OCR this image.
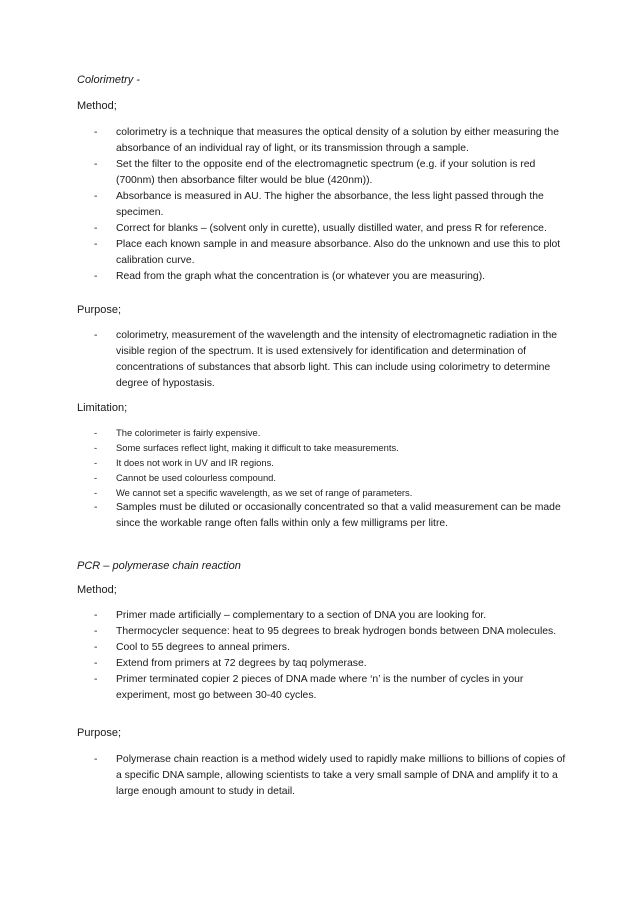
Colorimetry -
Method;
- colorimetry is a technique that measures the optical density of a solution by either measuring the absorbance of an individual ray of light, or its transmission through a sample.
- Set the filter to the opposite end of the electromagnetic spectrum (e.g. if your solution is red (700nm) then absorbance filter would be blue (420nm)).
- Absorbance is measured in AU. The higher the absorbance, the less light passed through the specimen.
- Correct for blanks – (solvent only in curette), usually distilled water, and press R for reference.
- Place each known sample in and measure absorbance. Also do the unknown and use this to plot calibration curve.
- Read from the graph what the concentration is (or whatever you are measuring).
Purpose;
- colorimetry, measurement of the wavelength and the intensity of electromagnetic radiation in the visible region of the spectrum. It is used extensively for identification and determination of concentrations of substances that absorb light. This can include using colorimetry to determine degree of hypostasis.
Limitation;
- The colorimeter is fairly expensive.
- Some surfaces reflect light, making it difficult to take measurements.
- It does not work in UV and IR regions.
- Cannot be used colourless compound.
- We cannot set a specific wavelength, as we set of range of parameters.
- Samples must be diluted or occasionally concentrated so that a valid measurement can be made since the workable range often falls within only a few milligrams per litre.
PCR – polymerase chain reaction
Method;
- Primer made artificially – complementary to a section of DNA you are looking for.
- Thermocycler sequence: heat to 95 degrees to break hydrogen bonds between DNA molecules.
- Cool to 55 degrees to anneal primers.
- Extend from primers at 72 degrees by taq polymerase.
- Primer terminated copier 2 pieces of DNA made where ‘n’ is the number of cycles in your experiment, most go between 30-40 cycles.
Purpose;
- Polymerase chain reaction is a method widely used to rapidly make millions to billions of copies of a specific DNA sample, allowing scientists to take a very small sample of DNA and amplify it to a large enough amount to study in detail.
